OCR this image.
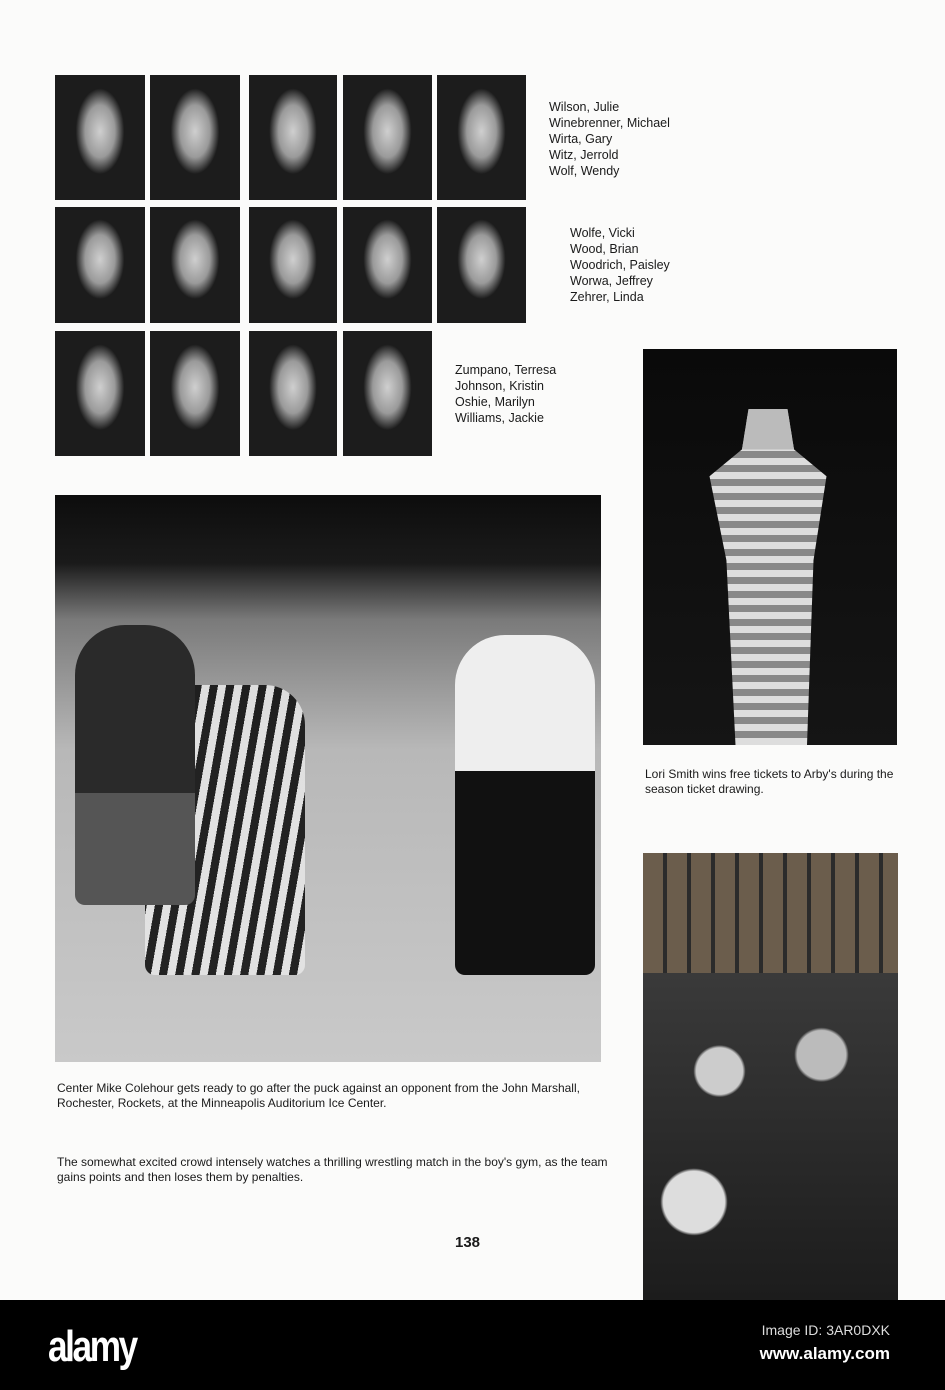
Wilson, Julie
Winebrenner, Michael
Wirta, Gary
Witz, Jerrold
Wolf, Wendy
Wolfe, Vicki
Wood, Brian
Woodrich, Paisley
Worwa, Jeffrey
Zehrer, Linda
Zumpano, Terresa
Johnson, Kristin
Oshie, Marilyn
Williams, Jackie
Lori Smith wins free tickets to Arby's during the season ticket drawing.
Center Mike Colehour gets ready to go after the puck against an opponent from the John Marshall, Rochester, Rockets, at the Minneapolis Auditorium Ice Center.
The somewhat excited crowd intensely watches a thrilling wrestling match in the boy's gym, as the team gains points and then loses them by penalties.
138
alamy	Image ID: 3AR0DXK
www.alamy.com
